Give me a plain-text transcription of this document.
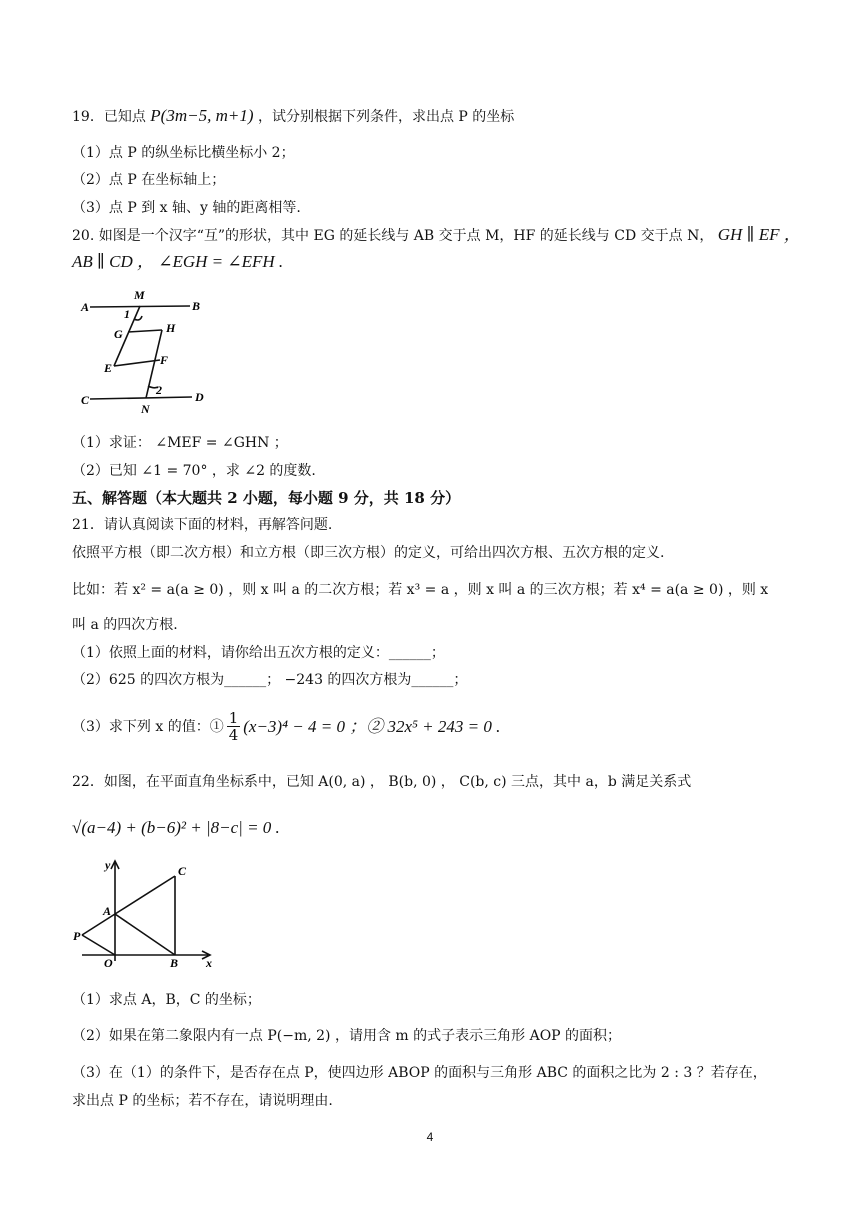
19．已知点 P(3m−5, m+1) ，试分别根据下列条件，求出点 P 的坐标
（1）点 P 的纵坐标比横坐标小 2；
（2）点 P 在坐标轴上；
（3）点 P 到 x 轴、y 轴的距离相等.
20. 如图是一个汉字“互”的形状，其中 EG 的延长线与 AB 交于点 M，HF 的延长线与 CD 交于点 N， GH ∥ EF ，
AB ∥ CD ， ∠EGH = ∠EFH .
A
M
B
1
G	H
E
F
C
2
N
D
（1）求证： ∠MEF = ∠GHN ；
（2）已知 ∠1 = 70° ，求 ∠2 的度数.
五、解答题（本大题共 2 小题，每小题 9 分，共 18 分）
21．请认真阅读下面的材料，再解答问题.
依照平方根（即二次方根）和立方根（即三次方根）的定义，可给出四次方根、五次方根的定义.
比如：若 x² = a(a ≥ 0) ，则 x 叫 a 的二次方根；若 x³ = a ，则 x 叫 a 的三次方根；若 x⁴ = a(a ≥ 0) ，则 x
叫 a 的四次方根.
（1）依照上面的材料，请你给出五次方根的定义：______；
（2）625 的四次方根为______； −243 的四次方根为______；
（3）求下列 x 的值：① 1
4 (x−3)⁴ − 4 = 0 ；② 32x⁵ + 243 = 0 .
22．如图，在平面直角坐标系中，已知 A(0, a) ， B(b, 0) ， C(b, c) 三点，其中 a，b 满足关系式
√(a−4) + (b−6)² + |8−c| = 0 .
y	C
A
P
O	B x
（1）求点 A，B，C 的坐标；
（2）如果在第二象限内有一点 P(−m, 2) ，请用含 m 的式子表示三角形 AOP 的面积；
（3）在（1）的条件下，是否存在点 P，使四边形 ABOP 的面积与三角形 ABC 的面积之比为 2 : 3 ？若存在，
求出点 P 的坐标；若不存在，请说明理由.
4
